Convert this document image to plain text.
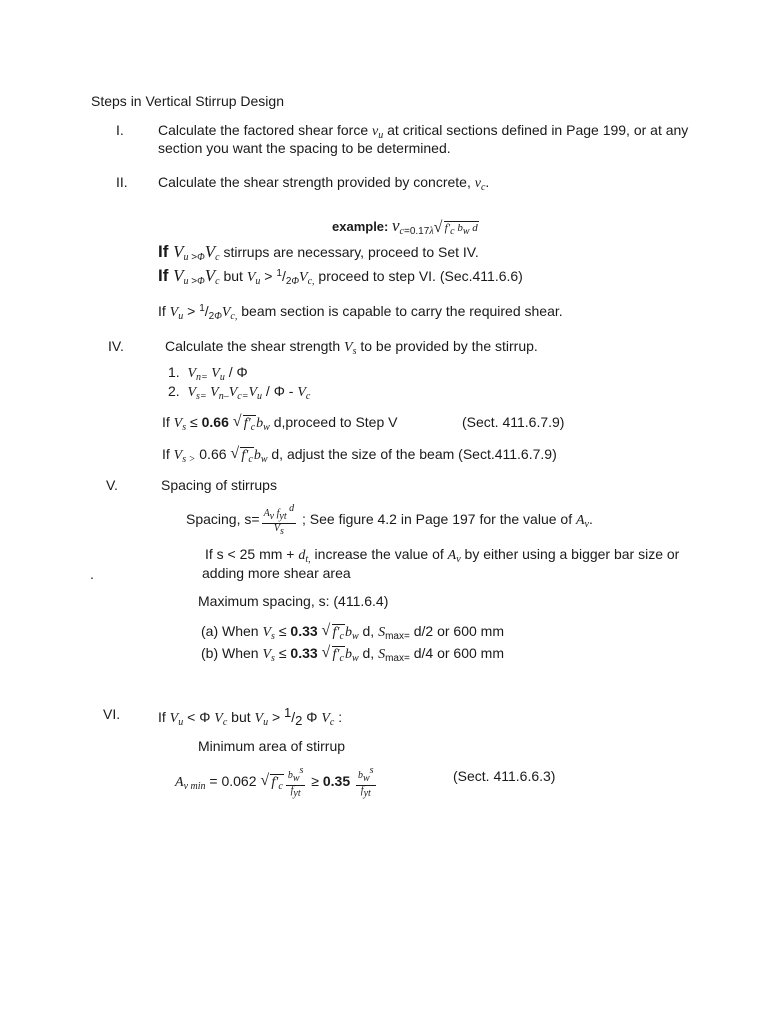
Steps in Vertical Stirrup Design
I. Calculate the factored shear force $v_u$ at critical sections defined in Page 199, or at any
section you want the spacing to be determined.
II. Calculate the shear strength provided by concrete, $v_c$.
example: $v_{c=0.17\lambda}√$ f′c bw d
If $V_u$ $_{>\Phi}V_c$ stirrups are necessary, proceed to Set IV.
If $V_u$ $_{>\Phi}V_c$ but $V_u > ^1/_{2\Phi}V_{c,}$ proceed to step VI. (Sec.411.6.6)
If $V_u > ^1/_{2\Phi}V_{c,}$ beam section is capable to carry the required shear.
IV.	Calculate the shear strength $V_s$ to be provided by the stirrup.
1. $V_{n=}$ $V_u$ / Φ
2. $V_{s=}$ $V_{n-}V_{c=}V_u$ / Φ - $V_c$
If $V_s \le 0.66$ √ $f'_cb_w$ d,proceed to Step V	(Sect. 411.6.7.9)
If $V_{s >}$ 0.66 √ $f'_cb_w$ d, adjust the size of the beam (Sect.411.6.7.9)
V.	Spacing of stirrups
Spacing, $s= \frac{\text{Av fyt d}}{Vs}$ ; See figure 4.2 in Page 197 for the value of $A_v$.
If s < 25 mm + $d_{t,}$ increase the value of $A_v$ by either using a bigger bar size or
.	adding more shear area
Maximum spacing, s: (411.6.4)
(a) When $V_s \le 0.33$ √ $f'_cb_w$ d, $S_{max=}$ d/2 or 600 mm
(b) When $V_s \le 0.33$ √ $f'_cb_w$ d, $S_{max=}$ d/4 or 600 mm
VI.	If $V_u < \Phi$ $V_c$ but $V_u > 1/2$ Φ $V_c$ :
Minimum area of stirrup
$A_{v min} = 0.062$ √ $f'_c \frac{\text{bws}}{\text{fyt}} \ge 0.35 \frac{\text{bws}}{\text{fyt}}$	(Sect. 411.6.6.3)
